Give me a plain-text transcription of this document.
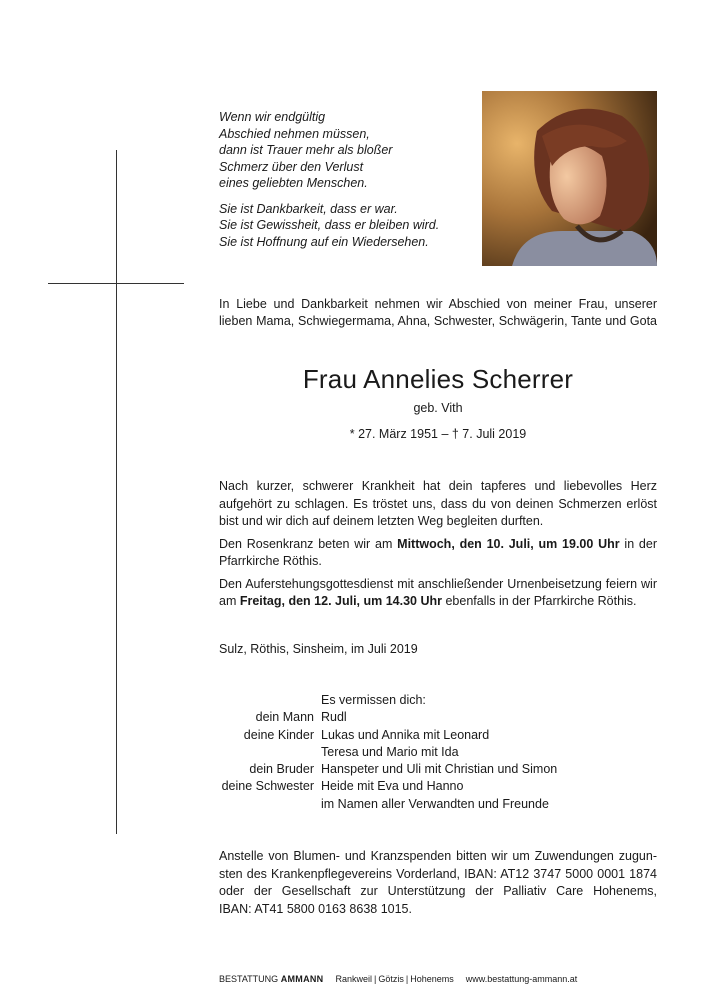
Wenn wir endgültig

Abschied nehmen müssen,

dann ist Trauer mehr als bloßer

Schmerz über den Verlust

eines geliebten Menschen.

Sie ist Dankbarkeit, dass er war.

Sie ist Gewissheit, dass er bleiben wird.

Sie ist Hoffnung auf ein Wiedersehen.

In Liebe und Dankbarkeit nehmen wir Abschied von meiner Frau, unserer
lieben Mama, Schwiegermama, Ahna, Schwester, Schwägerin, Tante und Gota
Frau Annelies Scherrer
geb. Vith
* 27. März 1951 – † 7. Juli 2019

Nach kurzer, schwerer Krankheit hat dein tapferes und liebevolles Herz aufgehört zu schlagen. Es tröstet uns, dass du von deinen Schmerzen erlöst bist und wir dich auf deinem letzten Weg begleiten durften.

Den Rosenkranz beten wir am Mittwoch, den 10. Juli, um 19.00 Uhr in der Pfarrkirche Röthis.

Den Auferstehungsgottesdienst mit anschließender Urnenbeisetzung feiern wir am Freitag, den 12. Juli, um 14.30 Uhr ebenfalls in der Pfarrkirche Röthis.

Sulz, Röthis, Sinsheim, im Juli 2019
Es vermissen dich:
dein Mann Rudl
deine Kinder Lukas und Annika mit Leonard
Teresa und Mario mit Ida
dein Bruder Hanspeter und Uli mit Christian und Simon
deine Schwester Heide mit Eva und Hanno
im Namen aller Verwandten und Freunde
Anstelle von Blumen- und Kranzspenden bitten wir um Zuwendungen zugun-
sten des Krankenpflegevereins Vorderland, IBAN: AT12 3747 5000 0001 1874
oder der Gesellschaft zur Unterstützung der Palliativ Care Hohenems,
IBAN: AT41 5800 0163 8638 1015.
BESTATTUNG AMMANN Rankweil | Götzis | Hohenems www.bestattung-ammann.at
